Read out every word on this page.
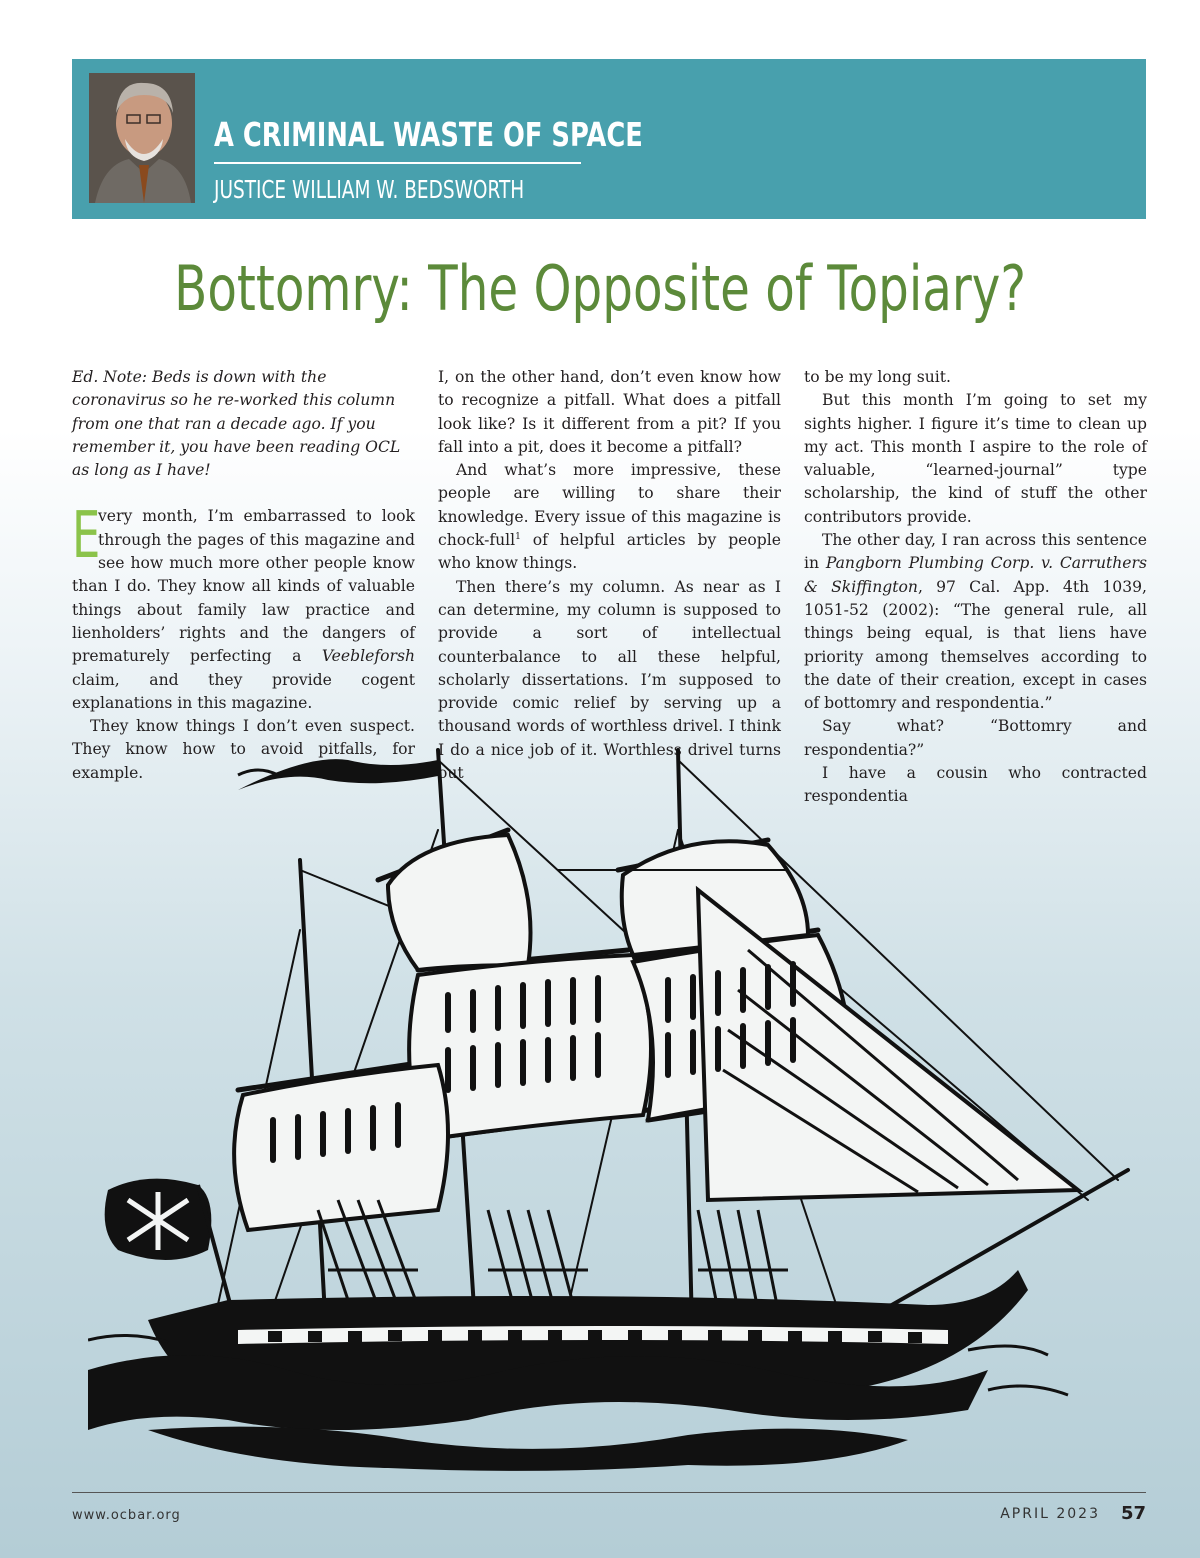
A CRIMINAL WASTE OF SPACE

JUSTICE WILLIAM W. BEDSWORTH

Bottomry: The Opposite of Topiary?

Ed. Note: Beds is down with the coronavirus so he re-worked this column from one that ran a decade ago. If you remember it, you have been reading OCL as long as I have!

E
very month, I’m embarrassed to look through the pages of this magazine and see how much more other people know than I do. They know all kinds of valuable things about family law practice and lienholders’ rights and the dangers of prematurely perfecting a Veebleforsh claim, and they provide cogent explanations in this magazine.

They know things I don’t even suspect. They know how to avoid pitfalls, for example.

I, on the other hand, don’t even know how to recognize a pitfall. What does a pitfall look like? Is it different from a pit? If you fall into a pit, does it become a pitfall?

And what’s more impressive, these people are willing to share their knowledge. Every issue of this magazine is chock-full$^1$ of helpful articles by people who know things.

Then there’s my column. As near as I can determine, my column is supposed to provide a sort of intellectual counterbalance to all these helpful, scholarly dissertations. I’m supposed to provide comic relief by serving up a thousand words of worthless drivel. I think I do a nice job of it. Worthless drivel turns out

to be my long suit.

But this month I’m going to set my sights higher. I figure it’s time to clean up my act. This month I aspire to the role of valuable, “learned-journal” type scholarship, the kind of stuff the other contributors provide.

The other day, I ran across this sentence in Pangborn Plumbing Corp. v. Carruthers & Skiffington, 97 Cal. App. 4th 1039, 1051-52 (2002): “The general rule, all things being equal, is that liens have priority among themselves according to the date of their creation, except in cases of bottomry and respondentia.”

Say what? “Bottomry and respondentia?”

I have a cousin who contracted respondentia

www.ocbar.org	APRIL 2023 57
